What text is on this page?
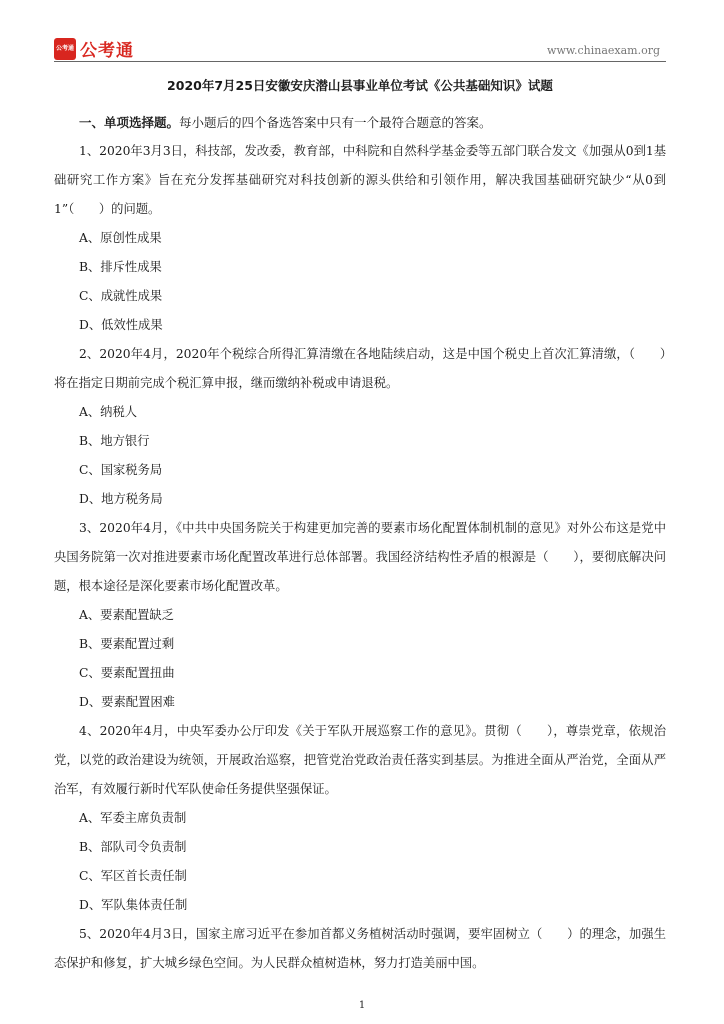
公考通 公考通	www.chinaexam.org
2020年7月25日安徽安庆潜山县事业单位考试《公共基础知识》试题

一、单项选择题。每小题后的四个备选答案中只有一个最符合题意的答案。

1、2020年3月3日，科技部，发改委，教育部，中科院和自然科学基金委等五部门联合发文《加强从0到1基础研究工作方案》旨在充分发挥基础研究对科技创新的源头供给和引领作用，解决我国基础研究缺少“从0到1”（　　）的问题。

A、原创性成果

B、排斥性成果

C、成就性成果

D、低效性成果

2、2020年4月，2020年个税综合所得汇算清缴在各地陆续启动，这是中国个税史上首次汇算清缴，（　　）将在指定日期前完成个税汇算申报，继而缴纳补税或申请退税。

A、纳税人

B、地方银行

C、国家税务局

D、地方税务局

3、2020年4月，《中共中央国务院关于构建更加完善的要素市场化配置体制机制的意见》对外公布这是党中央国务院第一次对推进要素市场化配置改革进行总体部署。我国经济结构性矛盾的根源是（　　），要彻底解决问题，根本途径是深化要素市场化配置改革。

A、要素配置缺乏

B、要素配置过剩

C、要素配置扭曲

D、要素配置困难

4、2020年4月，中央军委办公厅印发《关于军队开展巡察工作的意见》。贯彻（　　），尊崇党章，依规治党，以党的政治建设为统领，开展政治巡察，把管党治党政治责任落实到基层。为推进全面从严治党，全面从严治军，有效履行新时代军队使命任务提供坚强保证。

A、军委主席负责制

B、部队司令负责制

C、军区首长责任制

D、军队集体责任制

5、2020年4月3日，国家主席习近平在参加首都义务植树活动时强调，要牢固树立（　　）的理念，加强生态保护和修复，扩大城乡绿色空间。为人民群众植树造林，努力打造美丽中国。

1
